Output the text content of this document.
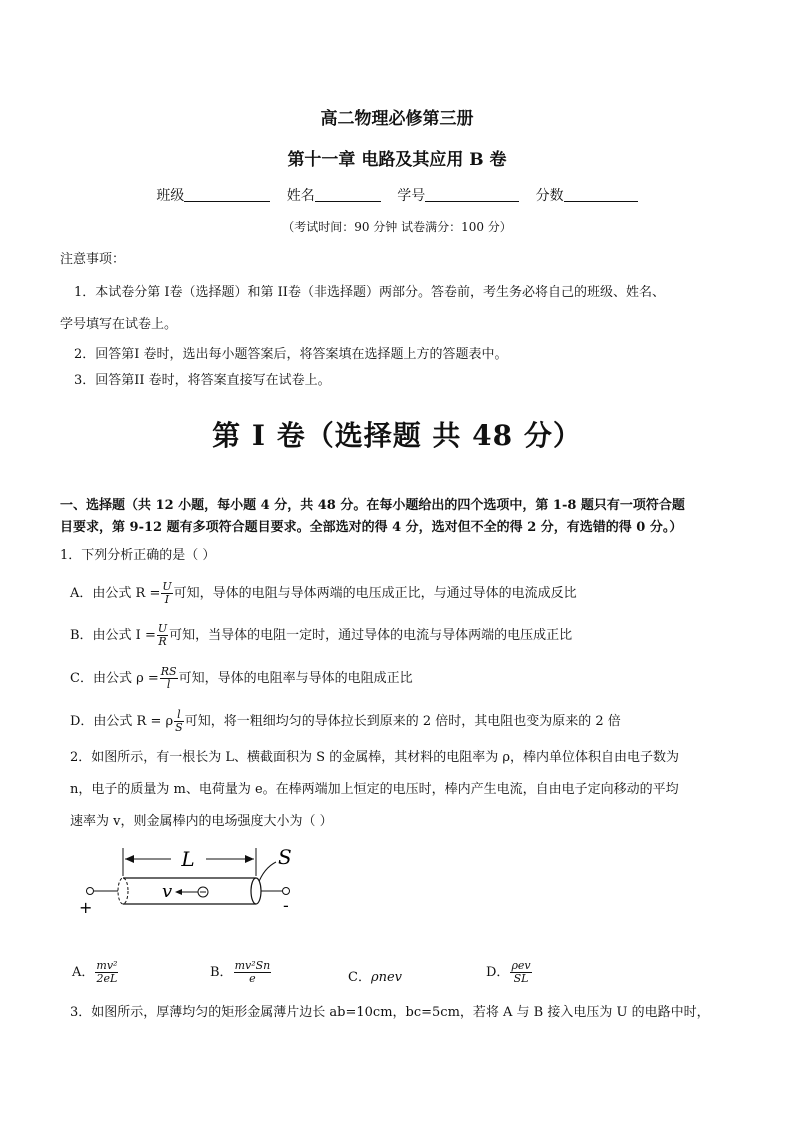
高二物理必修第三册
第十一章 电路及其应用 B 卷
班级	姓名	学号	分数
（考试时间：90 分钟 试卷满分：100 分）
注意事项：
1．本试卷分第 I卷（选择题）和第 II卷（非选择题）两部分。答卷前，考生务必将自己的班级、姓名、
学号填写在试卷上。
2．回答第I 卷时，选出每小题答案后，将答案填在选择题上方的答题表中。
3．回答第II 卷时，将答案直接写在试卷上。
第 I 卷（选择题 共 48 分）
一、选择题（共 12 小题，每小题 4 分，共 48 分。在每小题给出的四个选项中，第 1-8 题只有一项符合题
目要求，第 9-12 题有多项符合题目要求。全部选对的得 4 分，选对但不全的得 2 分，有选错的得 0 分。）
1．下列分析正确的是（ ）
A．由公式 $R = \frac{U}{I}$ 可知，导体的电阻与导体两端的电压成正比，与通过导体的电流成反比
B．由公式 $I = \frac{U}{R}$ 可知，当导体的电阻一定时，通过导体的电流与导体两端的电压成正比
C．由公式 $\rho = \frac{RS}{l}$ 可知，导体的电阻率与导体的电阻成正比
D．由公式 R = ρ $\frac{l}{S}$ 可知，将一粗细均匀的导体拉长到原来的 2 倍时，其电阻也变为原来的 2 倍
2．如图所示，有一根长为 L、横截面积为 S 的金属棒，其材料的电阻率为 ρ，棒内单位体积自由电子数为
n，电子的质量为 m、电荷量为 e。在棒两端加上恒定的电压时，棒内产生电流，自由电子定向移动的平均
速率为 v，则金属棒内的电场强度大小为（ ）
L	S
+	-
v
A． $\frac{\text{mv²}}{2eL}$	B． $\frac{\text{mv²Sn}}{e}$	C．ρnev	D． $\frac{\text{ρev}}{SL}$
3．如图所示，厚薄均匀的矩形金属薄片边长 ab=10cm，bc=5cm，若将 A 与 B 接入电压为 U 的电路中时，
